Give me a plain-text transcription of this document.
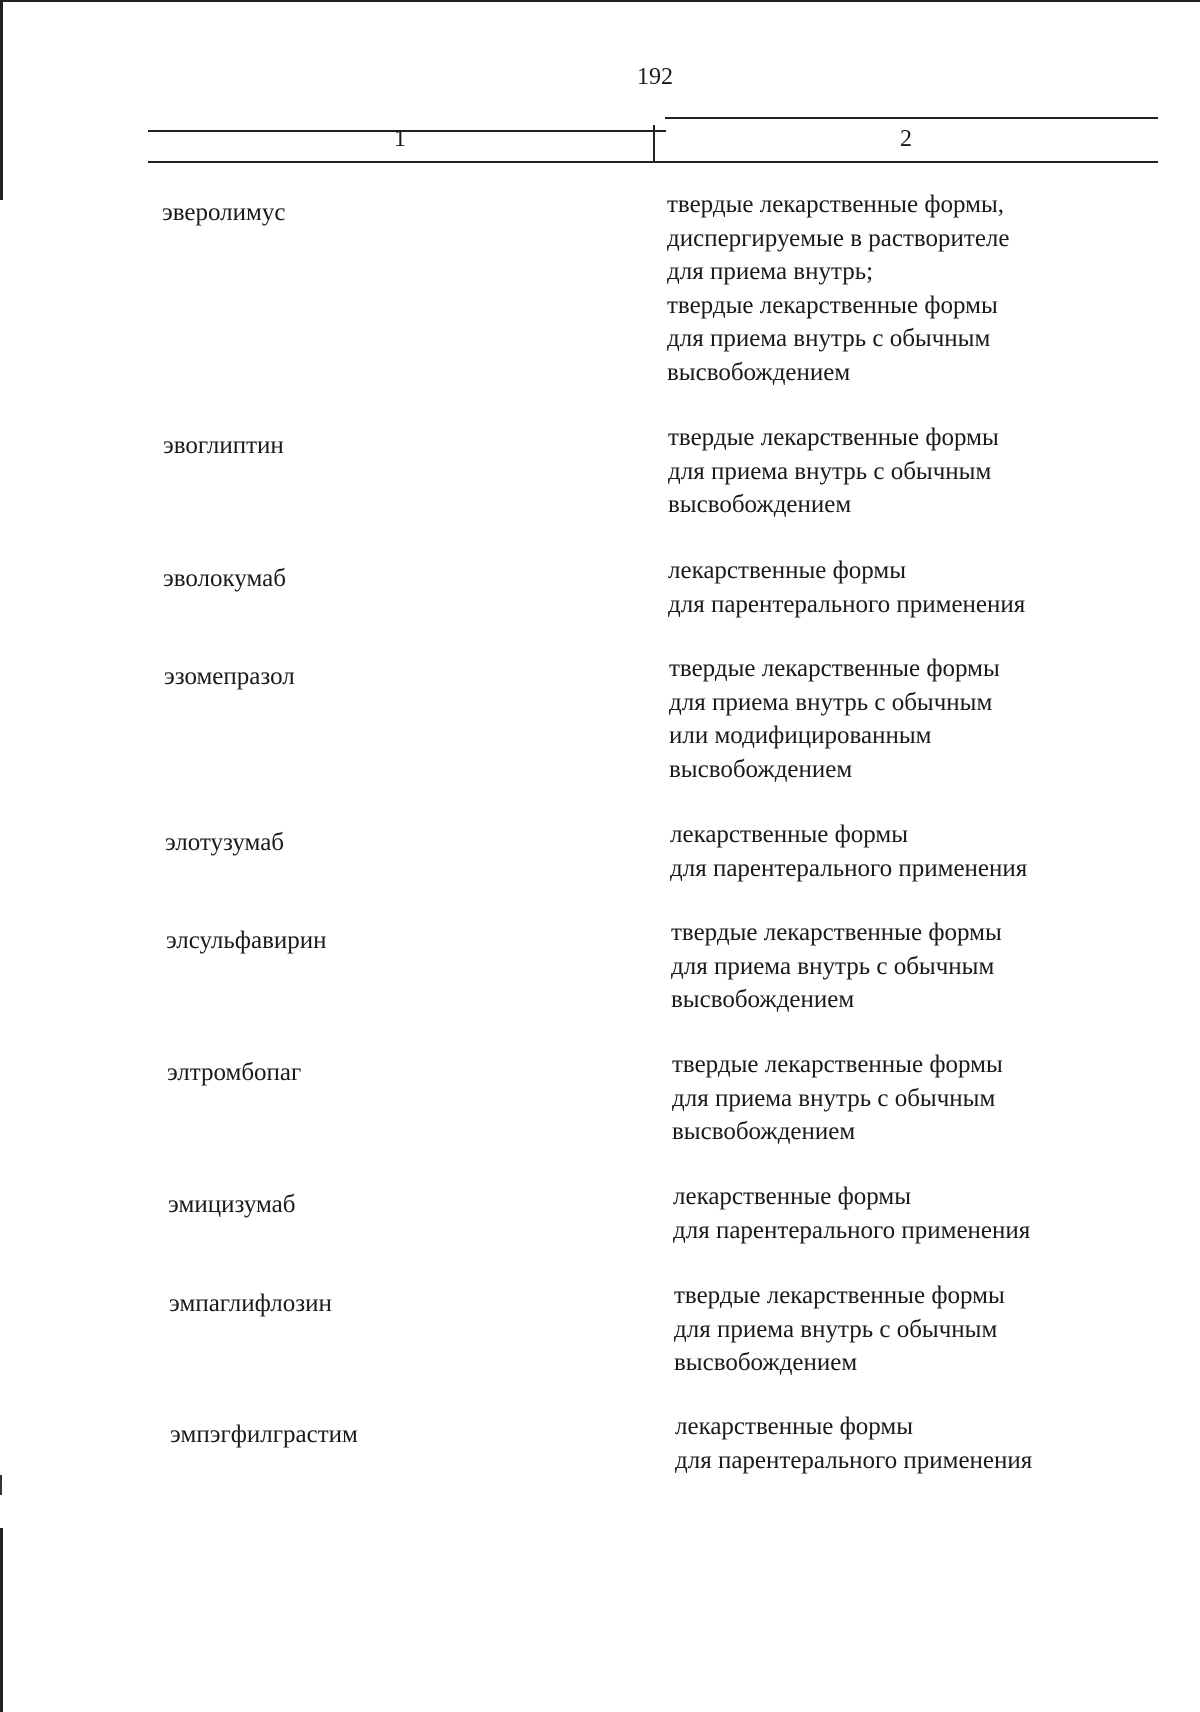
192
1	2
эверолимус	твердые лекарственные формы,
диспергируемые в растворителе
для приема внутрь;
твердые лекарственные формы
для приема внутрь с обычным
высвобождением
эвоглиптин	твердые лекарственные формы
для приема внутрь с обычным
высвобождением
эволокумаб	лекарственные формы
для парентерального применения
эзомепразол	твердые лекарственные формы
для приема внутрь с обычным
или модифицированным
высвобождением
элотузумаб	лекарственные формы
для парентерального применения
элсульфавирин	твердые лекарственные формы
для приема внутрь с обычным
высвобождением
элтромбопаг	твердые лекарственные формы
для приема внутрь с обычным
высвобождением
эмицизумаб	лекарственные формы
для парентерального применения
эмпаглифлозин	твердые лекарственные формы
для приема внутрь с обычным
высвобождением
эмпэгфилграстим	лекарственные формы
для парентерального применения
